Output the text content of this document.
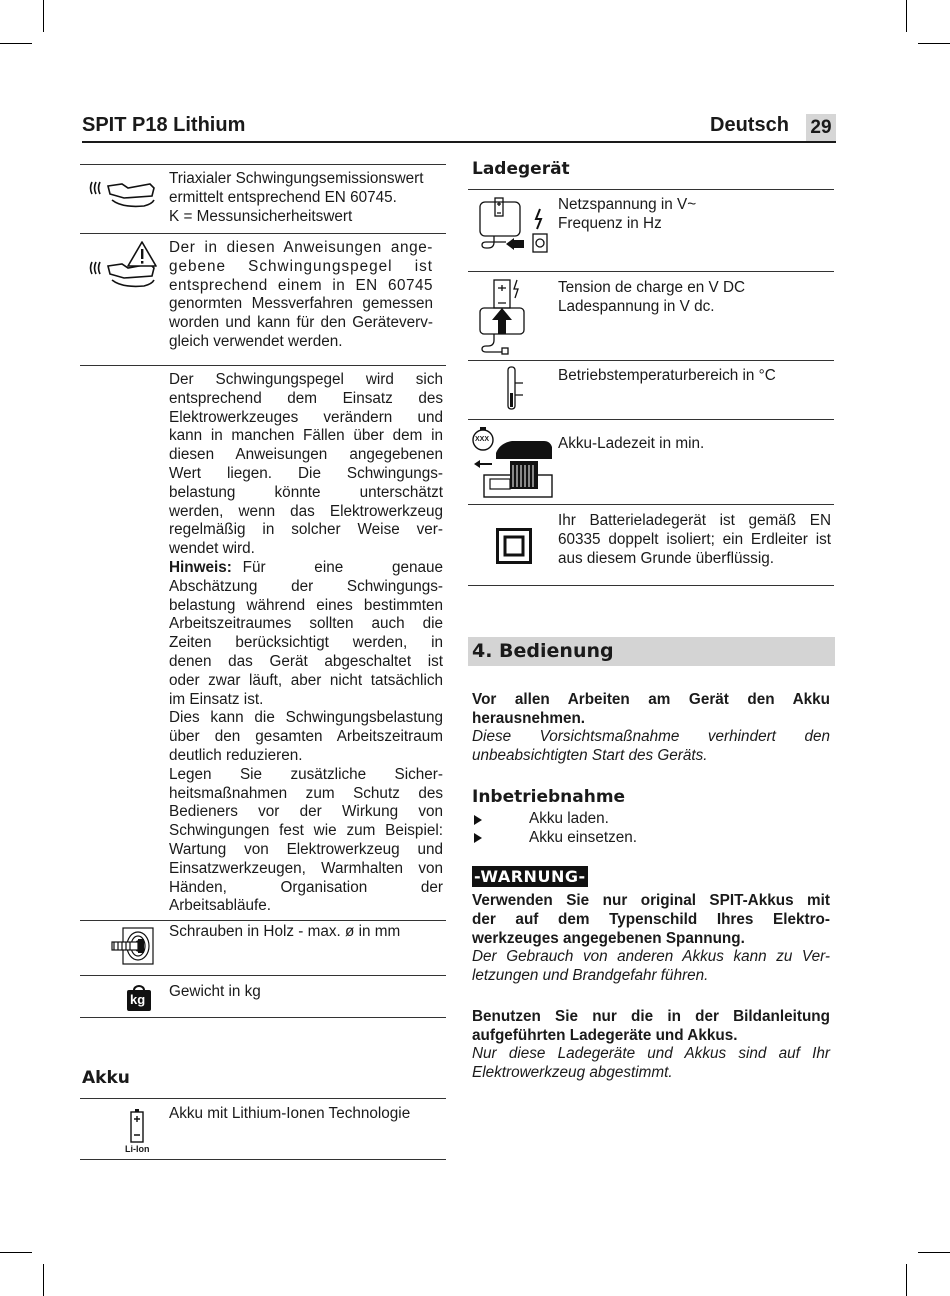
SPIT P18 Lithium	Deutsch 29
Triaxialer Schwingungsemissionswert
ermittelt entsprechend EN 60745.
K = Messunsicherheitswert
Der in diesen Anweisungen ange-
gebene Schwingungspegel ist
entsprechend einem in EN 60745
genormten Messverfahren gemessen
worden und kann für den Geräteverv-
gleich verwendet werden.
Der Schwingungspegel wird sich
entsprechend dem Einsatz des
Elektrowerkzeuges verändern und
kann in manchen Fällen über dem in
diesen Anweisungen angegebenen
Wert liegen. Die Schwingungs-
belastung könnte unterschätzt
werden, wenn das Elektrowerkzeug
regelmäßig in solcher Weise ver-
wendet wird.
Hinweis: Für eine genaue
Abschätzung der Schwingungs-
belastung während eines bestimmten
Arbeitszeitraumes sollten auch die
Zeiten berücksichtigt werden, in
denen das Gerät abgeschaltet ist
oder zwar läuft, aber nicht tatsächlich
im Einsatz ist.
Dies kann die Schwingungsbelastung
über den gesamten Arbeitszeitraum
deutlich reduzieren.
Legen Sie zusätzliche Sicher-
heitsmaßnahmen zum Schutz des
Bedieners vor der Wirkung von
Schwingungen fest wie zum Beispiel:
Wartung von Elektrowerkzeug und
Einsatzwerkzeugen, Warmhalten von
Händen, Organisation der
Arbeitsabläufe.
Schrauben in Holz - max. ø in mm
kg Gewicht in kg
Akku
Li-Ion
Akku mit Lithium-Ionen Technologie
Ladegerät
Netzspannung in V~
Frequenz in Hz
Tension de charge en V DC
Ladespannung in V dc.
Betriebstemperaturbereich in °C
XXX	Akku-Ladezeit in min.
Ihr Batterieladegerät ist gemäß EN
60335 doppelt isoliert; ein Erdleiter ist
aus diesem Grunde überflüssig.
4. Bedienung
Vor allen Arbeiten am Gerät den Akku
herausnehmen.
Diese Vorsichtsmaßnahme verhindert den
unbeabsichtigten Start des Geräts.
Inbetriebnahme
Akku laden.
Akku einsetzen.
-WARNUNG-
Verwenden Sie nur original SPIT-Akkus mit
der auf dem Typenschild Ihres Elektro-
werkzeuges angegebenen Spannung.
Der Gebrauch von anderen Akkus kann zu Ver-
letzungen und Brandgefahr führen.
Benutzen Sie nur die in der Bildanleitung
aufgeführten Ladegeräte und Akkus.
Nur diese Ladegeräte und Akkus sind auf Ihr
Elektrowerkzeug abgestimmt.
